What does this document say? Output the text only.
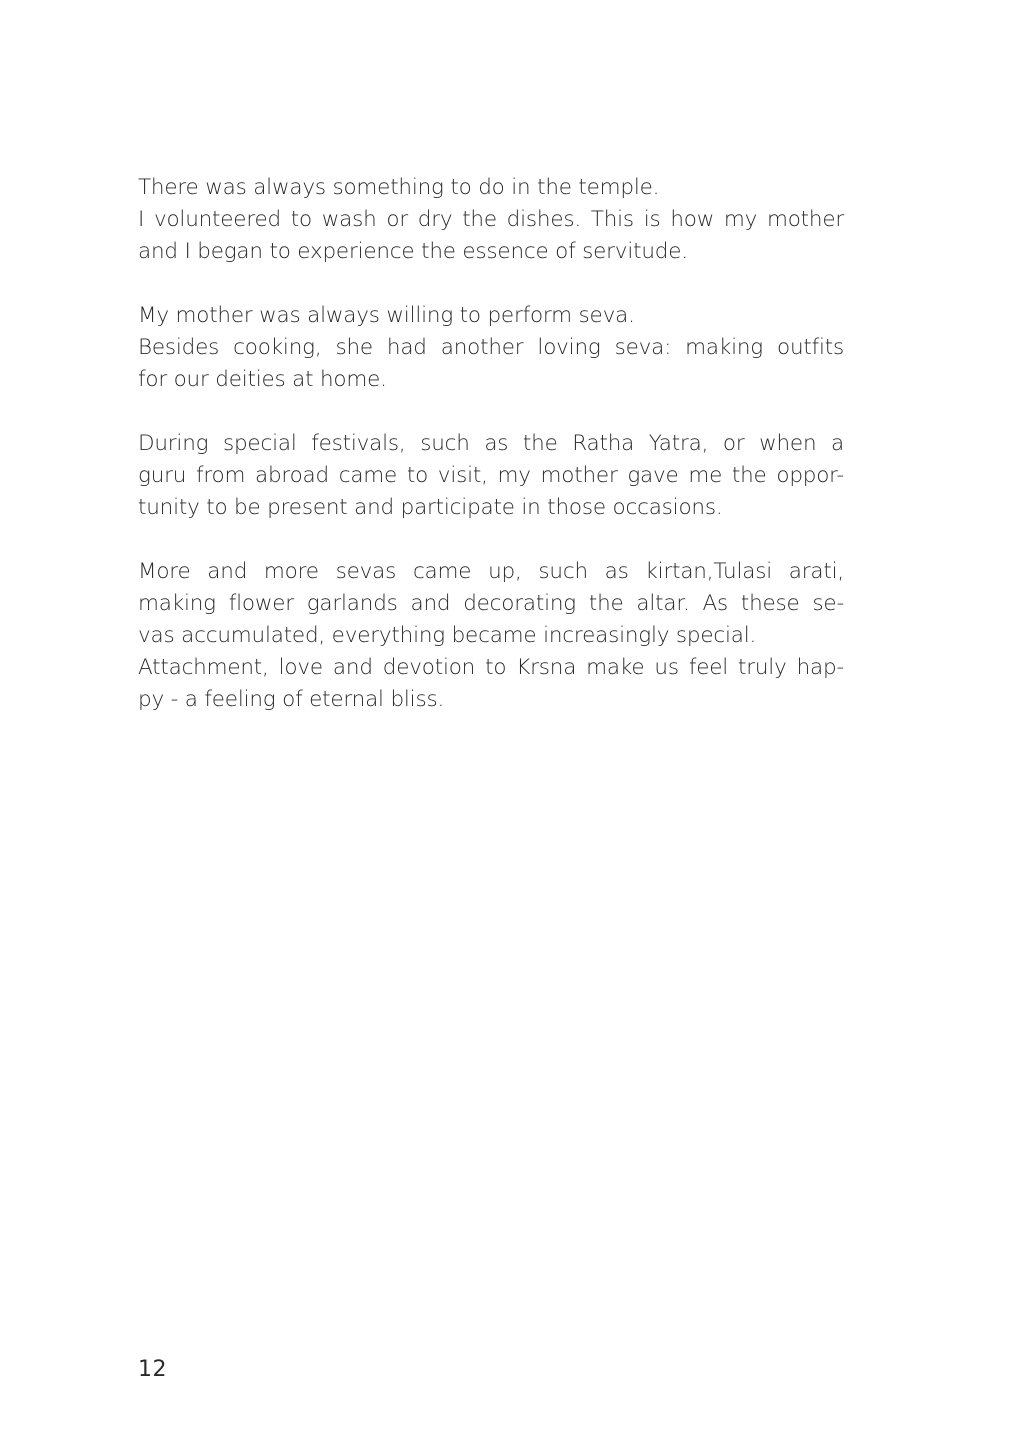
There was always something to do in the temple.
I volunteered to wash or dry the dishes. This is how my mother
and I began to experience the essence of servitude.

My mother was always willing to perform seva.
Besides cooking, she had another loving seva: making outfits
for our deities at home.

During special festivals, such as the Ratha Yatra, or when a
guru from abroad came to visit, my mother gave me the oppor-
tunity to be present and participate in those occasions.

More and more sevas came up, such as kirtan,Tulasi arati,
making flower garlands and decorating the altar. As these se-
vas accumulated, everything became increasingly special.
Attachment, love and devotion to Krsna make us feel truly hap-
py - a feeling of eternal bliss.

12
